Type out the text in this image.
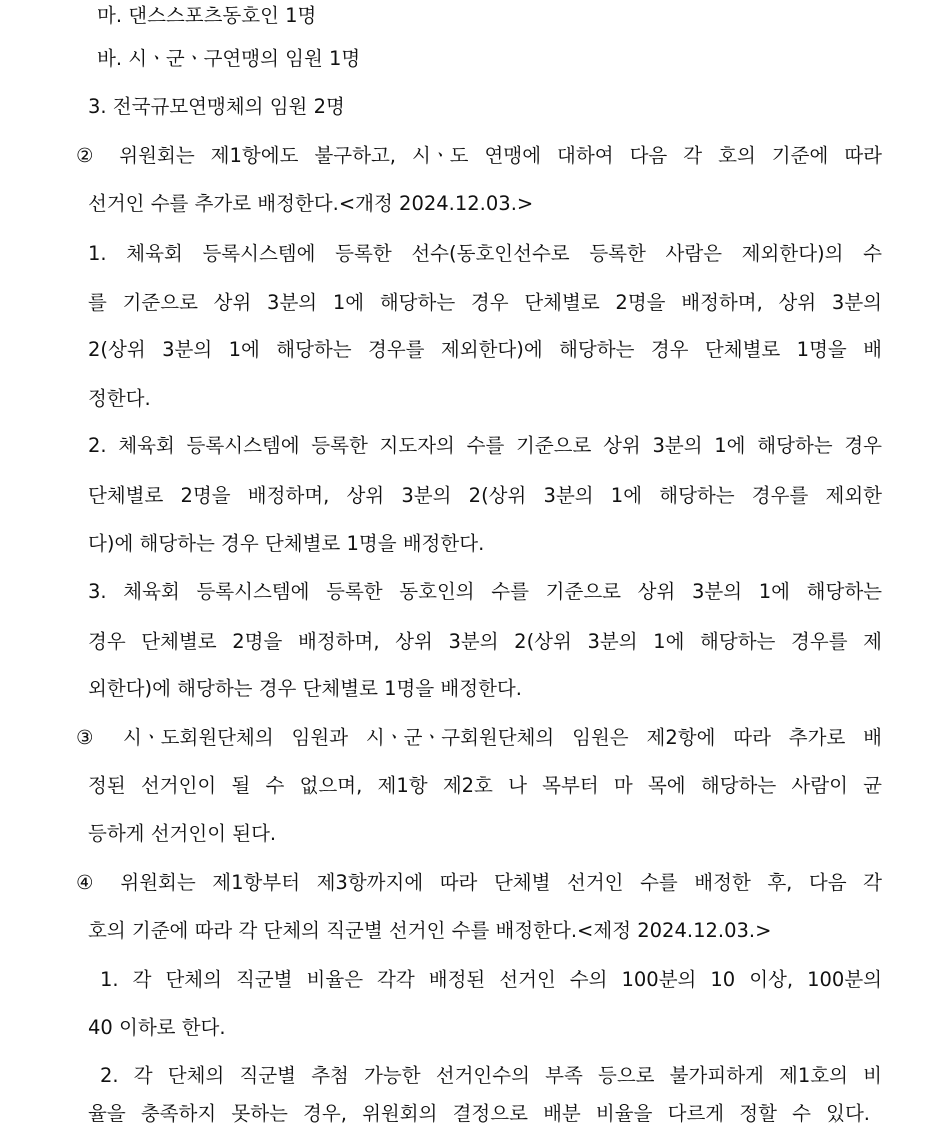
마. 댄스스포츠동호인 1명
바. 시ㆍ군ㆍ구연맹의 임원 1명
3. 전국규모연맹체의 임원 2명
② 위원회는 제1항에도 불구하고, 시ㆍ도 연맹에 대하여 다음 각 호의 기준에 따라
선거인 수를 추가로 배정한다.<개정 2024.12.03.>
1. 체육회 등록시스템에 등록한 선수(동호인선수로 등록한 사람은 제외한다)의 수
를 기준으로 상위 3분의 1에 해당하는 경우 단체별로 2명을 배정하며, 상위 3분의
2(상위 3분의 1에 해당하는 경우를 제외한다)에 해당하는 경우 단체별로 1명을 배
정한다.
2. 체육회 등록시스템에 등록한 지도자의 수를 기준으로 상위 3분의 1에 해당하는 경우
단체별로 2명을 배정하며, 상위 3분의 2(상위 3분의 1에 해당하는 경우를 제외한
다)에 해당하는 경우 단체별로 1명을 배정한다.
3. 체육회 등록시스템에 등록한 동호인의 수를 기준으로 상위 3분의 1에 해당하는
경우 단체별로 2명을 배정하며, 상위 3분의 2(상위 3분의 1에 해당하는 경우를 제
외한다)에 해당하는 경우 단체별로 1명을 배정한다.
③ 시ㆍ도회원단체의 임원과 시ㆍ군ㆍ구회원단체의 임원은 제2항에 따라 추가로 배
정된 선거인이 될 수 없으며, 제1항 제2호 나 목부터 마 목에 해당하는 사람이 균
등하게 선거인이 된다.
④ 위원회는 제1항부터 제3항까지에 따라 단체별 선거인 수를 배정한 후, 다음 각
호의 기준에 따라 각 단체의 직군별 선거인 수를 배정한다.<제정 2024.12.03.>
1. 각 단체의 직군별 비율은 각각 배정된 선거인 수의 100분의 10 이상, 100분의
40 이하로 한다.
2. 각 단체의 직군별 추첨 가능한 선거인수의 부족 등으로 불가피하게 제1호의 비
율을 충족하지 못하는 경우, 위원회의 결정으로 배분 비율을 다르게 정할 수 있다.
